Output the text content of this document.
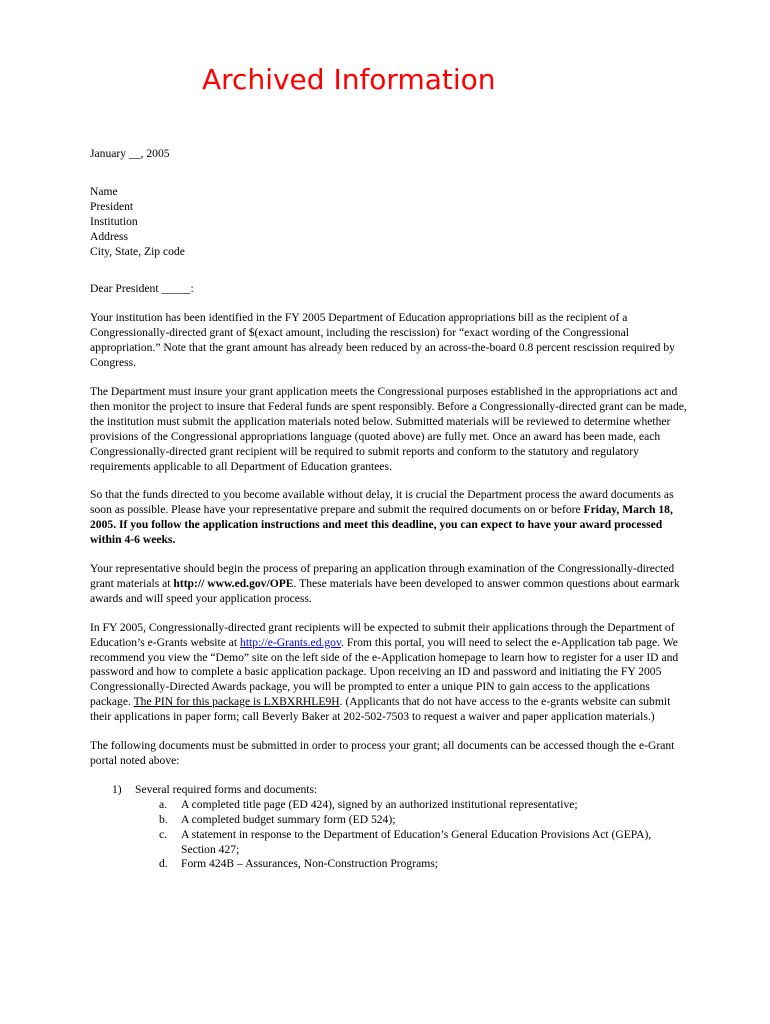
Archived Information

January __, 2005

Name

President

Institution

Address

City, State, Zip code

Dear President _____:

Your institution has been identified in the FY 2005 Department of Education appropriations bill as the recipient of a Congressionally-directed grant of $(exact amount, including the rescission) for “exact wording of the Congressional appropriation.” Note that the grant amount has already been reduced by an across-the-board 0.8 percent rescission required by Congress.

The Department must insure your grant application meets the Congressional purposes established in the appropriations act and then monitor the project to insure that Federal funds are spent responsibly. Before a Congressionally-directed grant can be made, the institution must submit the application materials noted below. Submitted materials will be reviewed to determine whether provisions of the Congressional appropriations language (quoted above) are fully met. Once an award has been made, each Congressionally-directed grant recipient will be required to submit reports and conform to the statutory and regulatory requirements applicable to all Department of Education grantees.

So that the funds directed to you become available without delay, it is crucial the Department process the award documents as soon as possible. Please have your representative prepare and submit the required documents on or before Friday, March 18, 2005. If you follow the application instructions and meet this deadline, you can expect to have your award processed within 4-6 weeks.

Your representative should begin the process of preparing an application through examination of the Congressionally-directed grant materials at http:// www.ed.gov/OPE. These materials have been developed to answer common questions about earmark awards and will speed your application process.

In FY 2005, Congressionally-directed grant recipients will be expected to submit their applications through the Department of Education’s e-Grants website at http://e-Grants.ed.gov. From this portal, you will need to select the e-Application tab page. We recommend you view the “Demo” site on the left side of the e-Application homepage to learn how to register for a user ID and password and how to complete a basic application package. Upon receiving an ID and password and initiating the FY 2005 Congressionally-Directed Awards package, you will be prompted to enter a unique PIN to gain access to the applications package. The PIN for this package is LXBXRHLE9H. (Applicants that do not have access to the e-grants website can submit their applications in paper form; call Beverly Baker at 202-502-7503 to request a waiver and paper application materials.)

The following documents must be submitted in order to process your grant; all documents can be accessed though the e-Grant portal noted above:

1) Several required forms and documents:
a. A completed title page (ED 424), signed by an authorized institutional representative;
b. A completed budget summary form (ED 524);
c. A statement in response to the Department of Education’s General Education Provisions Act (GEPA), Section 427;
d. Form 424B – Assurances, Non-Construction Programs;
